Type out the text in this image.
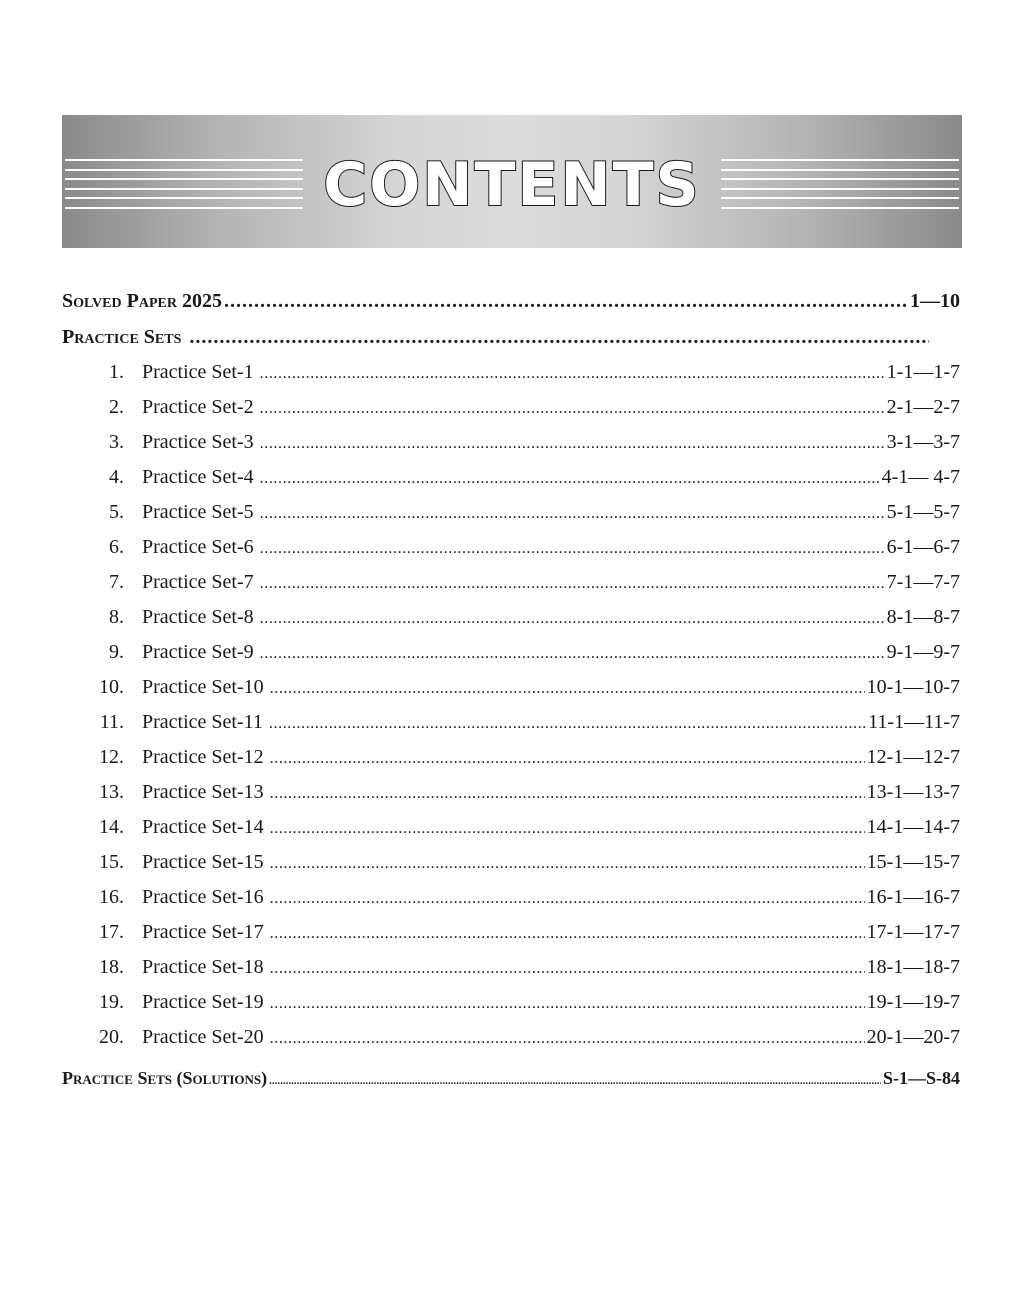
CONTENTS
Solved Paper 2025 .....	1—10
Practice Sets
.....
1. Practice Set-1 .....	1-1—1-7
2. Practice Set-2 .....	2-1—2-7
3. Practice Set-3 .....	3-1—3-7
4. Practice Set-4 .....	4-1— 4-7
5. Practice Set-5 .....	5-1—5-7
6. Practice Set-6 .....	6-1—6-7
7. Practice Set-7 .....	7-1—7-7
8. Practice Set-8 .....	8-1—8-7
9. Practice Set-9 .....	9-1—9-7
10. Practice Set-10 .....	10-1—10-7
11. Practice Set-11 .....	11-1—11-7
12. Practice Set-12 .....	12-1—12-7
13. Practice Set-13 .....	13-1—13-7
14. Practice Set-14 .....	14-1—14-7
15. Practice Set-15 .....	15-1—15-7
16. Practice Set-16 .....	16-1—16-7
17. Practice Set-17 .....	17-1—17-7
18. Practice Set-18 .....	18-1—18-7
19. Practice Set-19 .....	19-1—19-7
20. Practice Set-20 .....	20-1—20-7
Practice Sets (Solutions) .....	S-1—S-84
